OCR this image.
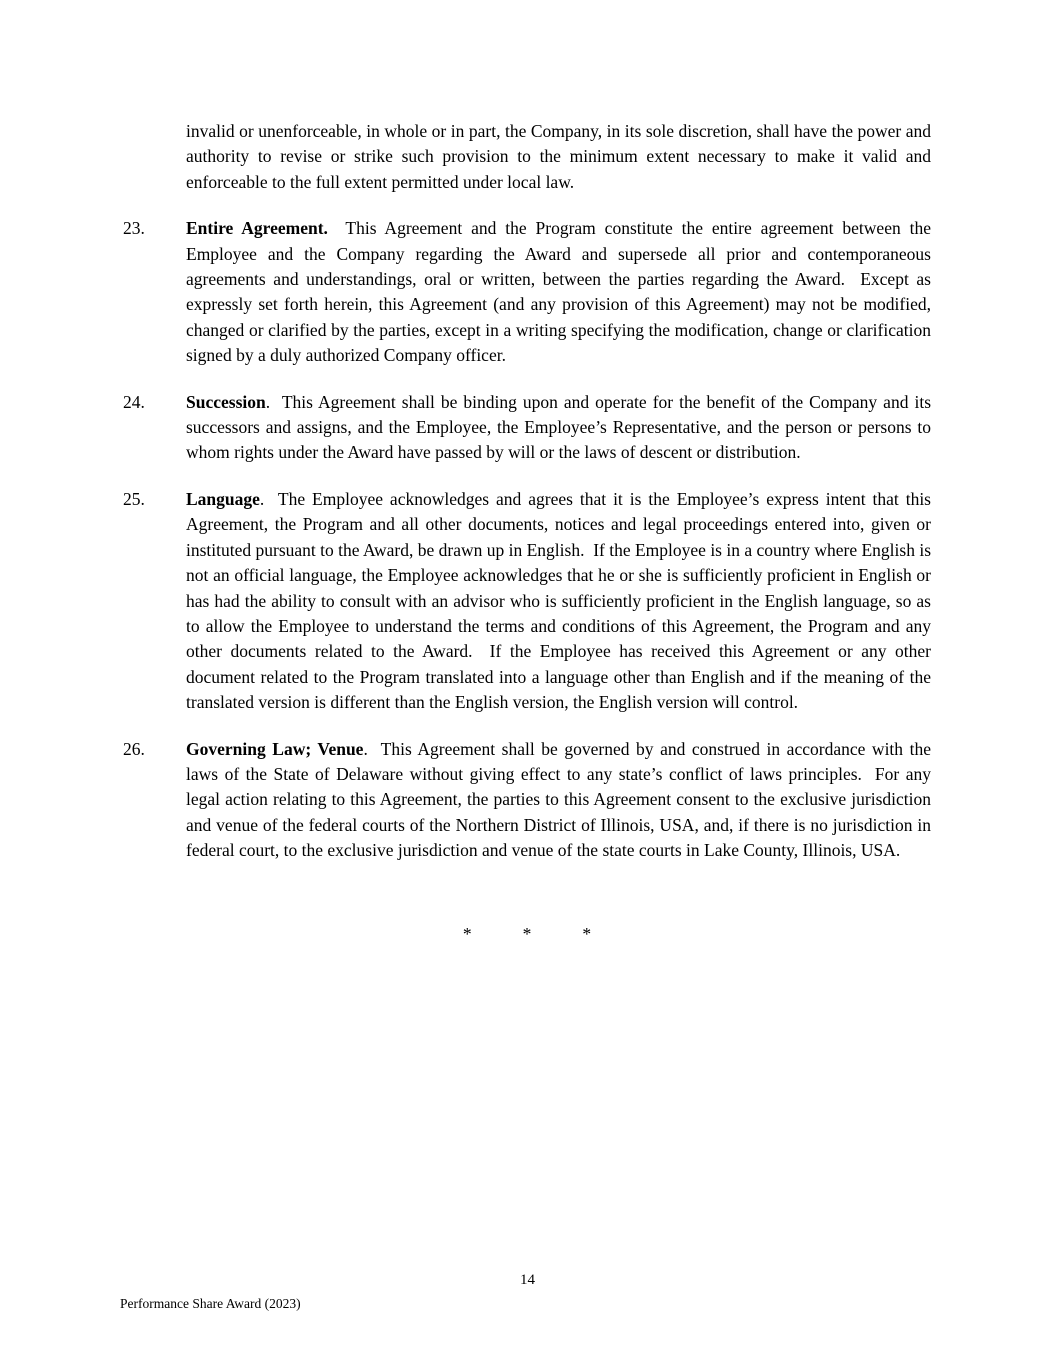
invalid or unenforceable, in whole or in part, the Company, in its sole discretion, shall have the power and authority to revise or strike such provision to the minimum extent necessary to make it valid and enforceable to the full extent permitted under local law.

23.	Entire Agreement. This Agreement and the Program constitute the entire agreement between the Employee and the Company regarding the Award and supersede all prior and contemporaneous agreements and understandings, oral or written, between the parties regarding the Award.  Except as expressly set forth herein, this Agreement (and any provision of this Agreement) may not be modified, changed or clarified by the parties, except in a writing specifying the modification, change or clarification signed by a duly authorized Company officer.

24.	Succession.  This Agreement shall be binding upon and operate for the benefit of the Company and its successors and assigns, and the Employee, the Employee’s Representative, and the person or persons to whom rights under the Award have passed by will or the laws of descent or distribution.

25.	Language.  The Employee acknowledges and agrees that it is the Employee’s express intent that this Agreement, the Program and all other documents, notices and legal proceedings entered into, given or instituted pursuant to the Award, be drawn up in English.  If the Employee is in a country where English is not an official language, the Employee acknowledges that he or she is sufficiently proficient in English or has had the ability to consult with an advisor who is sufficiently proficient in the English language, so as to allow the Employee to understand the terms and conditions of this Agreement, the Program and any other documents related to the Award.  If the Employee has received this Agreement or any other document related to the Program translated into a language other than English and if the meaning of the translated version is different than the English version, the English version will control.

26.	Governing Law; Venue.  This Agreement shall be governed by and construed in accordance with the laws of the State of Delaware without giving effect to any state’s conflict of laws principles.  For any legal action relating to this Agreement, the parties to this Agreement consent to the exclusive jurisdiction and venue of the federal courts of the Northern District of Illinois, USA, and, if there is no jurisdiction in federal court, to the exclusive jurisdiction and venue of the state courts in Lake County, Illinois, USA.

*	*	*
14
Performance Share Award (2023)
